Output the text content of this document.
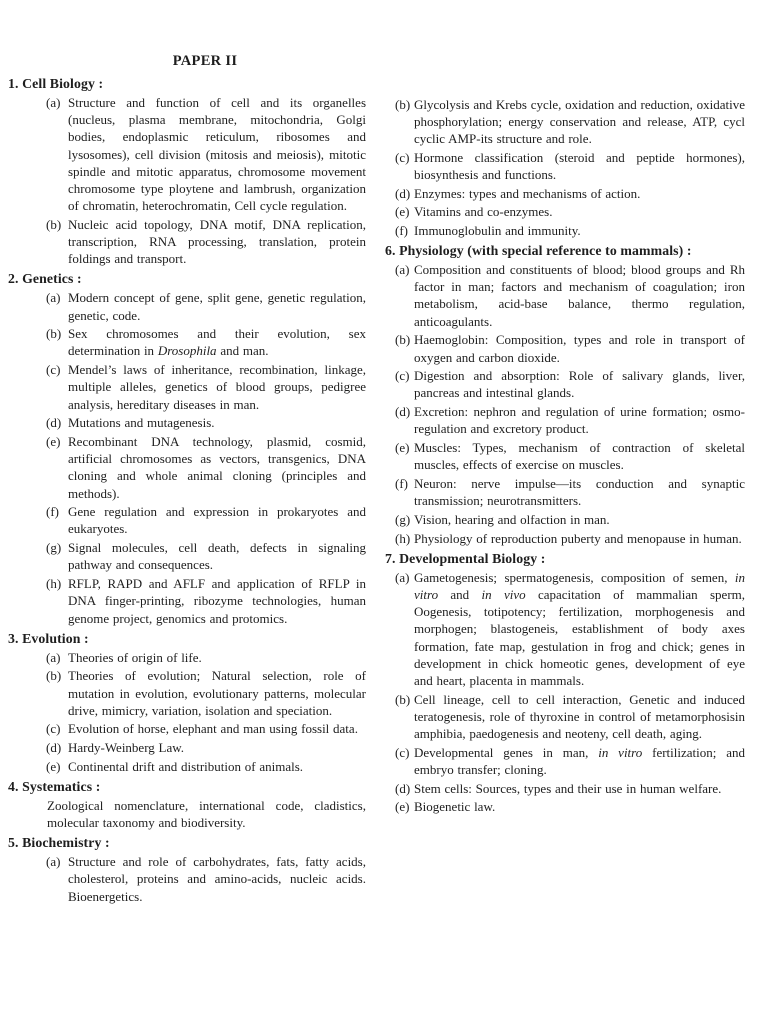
PAPER II
1. Cell Biology :
(a) Structure and function of cell and its organelles (nucleus, plasma membrane, mitochondria, Golgi bodies, endoplasmic reticulum, ribosomes and lysosomes), cell division (mitosis and meiosis), mitotic spindle and mitotic apparatus, chromosome movement chromosome type ploytene and lambrush, organization of chromatin, heterochromatin, Cell cycle regulation.
(b) Nucleic acid topology, DNA motif, DNA replication, transcription, RNA processing, translation, protein foldings and transport.
2. Genetics :
(a) Modern concept of gene, split gene, genetic regulation, genetic, code.
(b) Sex chromosomes and their evolution, sex determination in Drosophila and man.
(c) Mendel’s laws of inheritance, recombination, linkage, multiple alleles, genetics of blood groups, pedigree analysis, hereditary diseases in man.
(d) Mutations and mutagenesis.
(e) Recombinant DNA technology, plasmid, cosmid, artificial chromosomes as vectors, transgenics, DNA cloning and whole animal cloning (principles and methods).
(f) Gene regulation and expression in prokaryotes and eukaryotes.
(g) Signal molecules, cell death, defects in signaling pathway and consequences.
(h) RFLP, RAPD and AFLF and application of RFLP in DNA finger-printing, ribozyme technologies, human genome project, genomics and protomics.
3. Evolution :
(a) Theories of origin of life.
(b) Theories of evolution; Natural selection, role of mutation in evolution, evolutionary patterns, molecular drive, mimicry, variation, isolation and speciation.
(c) Evolution of horse, elephant and man using fossil data.
(d) Hardy-Weinberg Law.
(e) Continental drift and distribution of animals.
4. Systematics :
Zoological nomenclature, international code, cladistics, molecular taxonomy and biodiversity.
5. Biochemistry :
(a) Structure and role of carbohydrates, fats, fatty acids, cholesterol, proteins and amino-acids, nucleic acids. Bioenergetics.
(b) Glycolysis and Krebs cycle, oxidation and reduction, oxidative phosphorylation; energy conservation and release, ATP, cycl cyclic AMP-its structure and role.
(c) Hormone classification (steroid and peptide hormones), biosynthesis and functions.
(d) Enzymes: types and mechanisms of action.
(e) Vitamins and co-enzymes.
(f) Immunoglobulin and immunity.
6. Physiology (with special reference to mammals) :
(a) Composition and constituents of blood; blood groups and Rh factor in man; factors and mechanism of coagulation; iron metabolism, acid-base balance, thermo regulation, anticoagulants.
(b) Haemoglobin: Composition, types and role in transport of oxygen and carbon dioxide.
(c) Digestion and absorption: Role of salivary glands, liver, pancreas and intestinal glands.
(d) Excretion: nephron and regulation of urine formation; osmo-regulation and excretory product.
(e) Muscles: Types, mechanism of contraction of skeletal muscles, effects of exercise on muscles.
(f) Neuron: nerve impulse—its conduction and synaptic transmission; neurotransmitters.
(g) Vision, hearing and olfaction in man.
(h) Physiology of reproduction puberty and menopause in human.
7. Developmental Biology :
(a) Gametogenesis; spermatogenesis, composition of semen, in vitro and in vivo capacitation of mammalian sperm, Oogenesis, totipotency; fertilization, morphogenesis and morphogen; blastogeneis, establishment of body axes formation, fate map, gestulation in frog and chick; genes in development in chick homeotic genes, development of eye and heart, placenta in mammals.
(b) Cell lineage, cell to cell interaction, Genetic and induced teratogenesis, role of thyroxine in control of metamorphosisin amphibia, paedogenesis and neoteny, cell death, aging.
(c) Developmental genes in man, in vitro fertilization; and embryo transfer; cloning.
(d) Stem cells: Sources, types and their use in human welfare.
(e) Biogenetic law.
